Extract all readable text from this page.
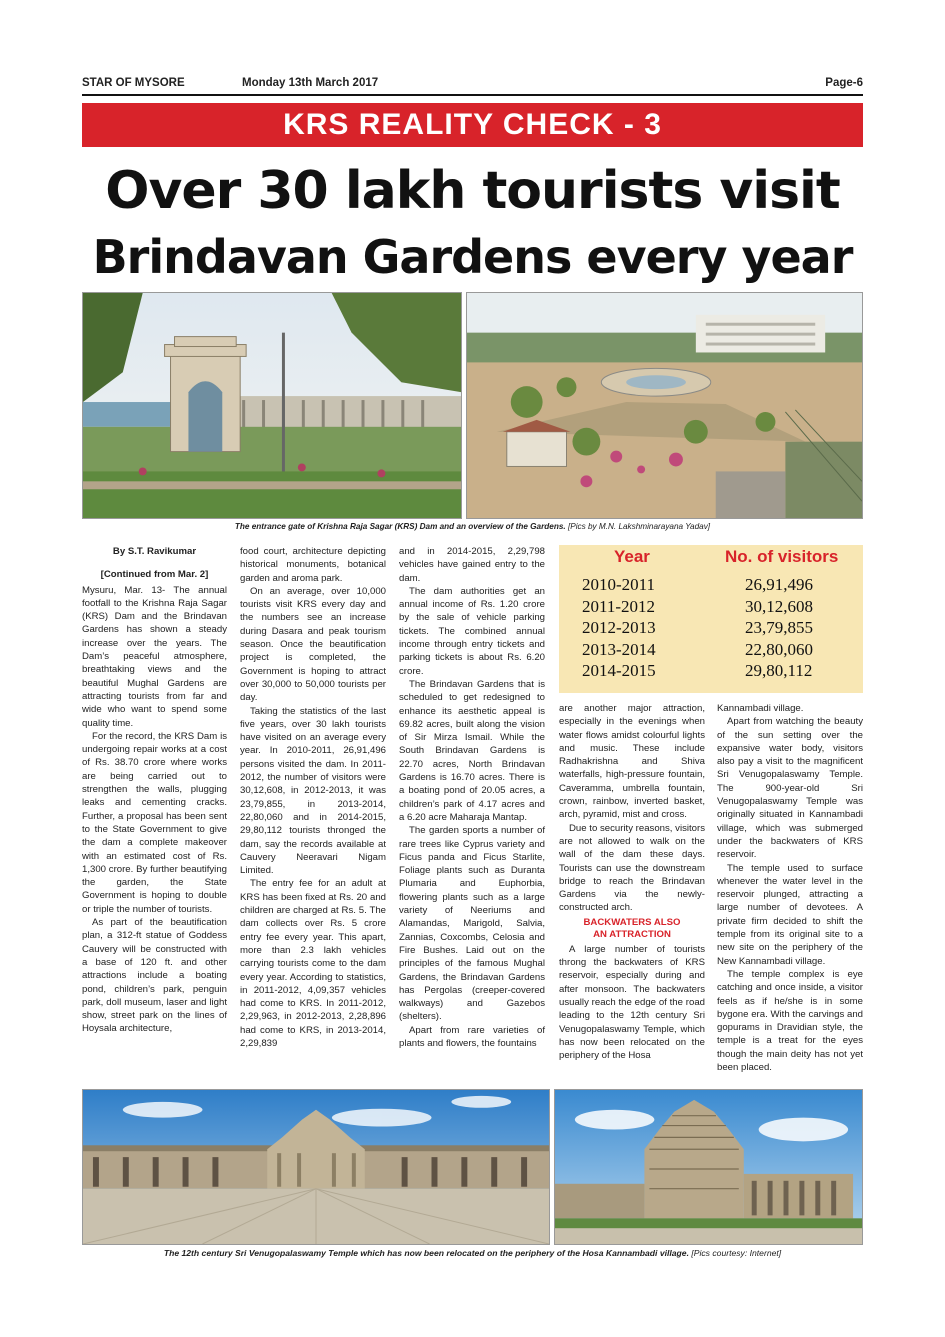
STAR OF MYSORE	Monday 13th March 2017	Page-6
KRS REALITY CHECK - 3
Over 30 lakh tourists visit
Brindavan Gardens every year
The entrance gate of Krishna Raja Sagar (KRS) Dam and an overview of the Gardens. [Pics by M.N. Lakshminarayana Yadav]

By S.T. Ravikumar

[Continued from Mar. 2]

Mysuru, Mar. 13- The annual footfall to the Krishna Raja Sagar (KRS) Dam and the Brindavan Gardens has shown a steady increase over the years. The Dam’s peaceful atmosphere, breathtaking views and the beautiful Mughal Gardens are attracting tourists from far and wide who want to spend some quality time.

For the record, the KRS Dam is undergoing repair works at a cost of Rs. 38.70 crore where works are being carried out to strengthen the walls, plugging leaks and cementing cracks. Further, a proposal has been sent to the State Government to give the dam a complete makeover with an estimated cost of Rs. 1,300 crore. By further beautifying the garden, the State Government is hoping to double or triple the number of tourists.

As part of the beautification plan, a 312-ft statue of Goddess Cauvery will be constructed with a base of 120 ft. and other attractions include a boating pond, children’s park, penguin park, doll museum, laser and light show, street park on the lines of Hoysala architecture,

food court, architecture depicting historical monuments, botanical garden and aroma park.

On an average, over 10,000 tourists visit KRS every day and the numbers see an increase during Dasara and peak tourism season. Once the beautification project is completed, the Government is hoping to attract over 30,000 to 50,000 tourists per day.

Taking the statistics of the last five years, over 30 lakh tourists have visited on an average every year. In 2010-2011, 26,91,496 persons visited the dam. In 2011-2012, the number of visitors were 30,12,608, in 2012-2013, it was 23,79,855, in 2013-2014, 22,80,060 and in 2014-2015, 29,80,112 tourists thronged the dam, say the records available at Cauvery Neeravari Nigam Limited.

The entry fee for an adult at KRS has been fixed at Rs. 20 and children are charged at Rs. 5. The dam collects over Rs. 5 crore entry fee every year. This apart, more than 2.3 lakh vehicles carrying tourists come to the dam every year. According to statistics, in 2011-2012, 4,09,357 vehicles had come to KRS. In 2011-2012, 2,29,963, in 2012-2013, 2,28,896 had come to KRS, in 2013-2014, 2,29,839

and in 2014-2015, 2,29,798 vehicles have gained entry to the dam.

The dam authorities get an annual income of Rs. 1.20 crore by the sale of vehicle parking tickets. The combined annual income through entry tickets and parking tickets is about Rs. 6.20 crore.

The Brindavan Gardens that is scheduled to get redesigned to enhance its aesthetic appeal is 69.82 acres, built along the vision of Sir Mirza Ismail. While the South Brindavan Gardens is 22.70 acres, North Brindavan Gardens is 16.70 acres. There is a boating pond of 20.05 acres, a children’s park of 4.17 acres and a 6.20 acre Maharaja Mantap.

The garden sports a number of rare trees like Cyprus variety and Ficus panda and Ficus Starlite, Foliage plants such as Duranta Plumaria and Euphorbia, flowering plants such as a large variety of Neeriums and Alamandas, Marigold, Salvia, Zannias, Coxcombs, Celosia and Fire Bushes. Laid out on the principles of the famous Mughal Gardens, the Brindavan Gardens has Pergolas (creeper-covered walkways) and Gazebos (shelters).

Apart from rare varieties of plants and flowers, the fountains

Year	No. of visitors
2010-2011	26,91,496
2011-2012	30,12,608
2012-2013	23,79,855
2013-2014	22,80,060
2014-2015	29,80,112

are another major attraction, especially in the evenings when water flows amidst colourful lights and music. These include Radhakrishna and Shiva waterfalls, high-pressure fountain, Caveramma, umbrella fountain, crown, rainbow, inverted basket, arch, pyramid, mist and cross.

Due to security reasons, visitors are not allowed to walk on the wall of the dam these days. Tourists can use the downstream bridge to reach the Brindavan Gardens via the newly-constructed arch.

BACKWATERS ALSO
AN ATTRACTION

A large number of tourists throng the backwaters of KRS reservoir, especially during and after monsoon. The backwaters usually reach the edge of the road leading to the 12th century Sri Venugopalaswamy Temple, which has now been relocated on the periphery of the Hosa

Kannambadi village.

Apart from watching the beauty of the sun setting over the expansive water body, visitors also pay a visit to the magnificent Sri Venugopalaswamy Temple. The 900-year-old Sri Venugopalaswamy Temple was originally situated in Kannambadi village, which was submerged under the backwaters of KRS reservoir.

The temple used to surface whenever the water level in the reservoir plunged, attracting a large number of devotees. A private firm decided to shift the temple from its original site to a new site on the periphery of the New Kannambadi village.

The temple complex is eye catching and once inside, a visitor feels as if he/she is in some bygone era. With the carvings and gopurams in Dravidian style, the temple is a treat for the eyes though the main deity has not yet been placed.

The 12th century Sri Venugopalaswamy Temple which has now been relocated on the periphery of the Hosa Kannambadi village. [Pics courtesy: Internet]
